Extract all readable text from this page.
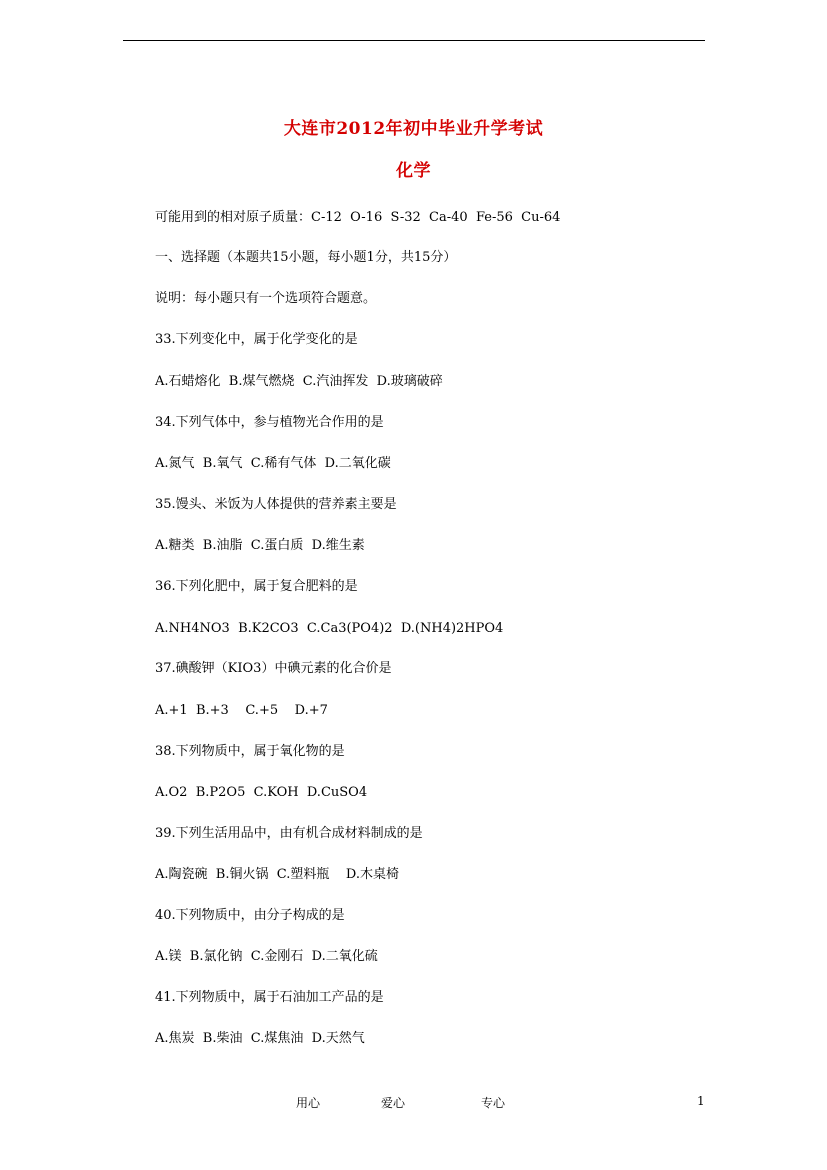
大连市2012年初中毕业升学考试
化学
可能用到的相对原子质量：C-12  O-16  S-32  Ca-40  Fe-56  Cu-64
一、选择题（本题共15小题，每小题1分，共15分）
说明：每小题只有一个选项符合题意。
33.下列变化中，属于化学变化的是
A.石蜡熔化  B.煤气燃烧  C.汽油挥发  D.玻璃破碎
34.下列气体中，参与植物光合作用的是
A.氮气  B.氧气  C.稀有气体  D.二氧化碳
35.馒头、米饭为人体提供的营养素主要是
A.糖类  B.油脂  C.蛋白质  D.维生素
36.下列化肥中，属于复合肥料的是
A.NH4NO3  B.K2CO3  C.Ca3(PO4)2  D.(NH4)2HPO4
37.碘酸钾（KIO3）中碘元素的化合价是
A.+1  B.+3    C.+5    D.+7
38.下列物质中，属于氧化物的是
A.O2  B.P2O5  C.KOH  D.CuSO4
39.下列生活用品中，由有机合成材料制成的是
A.陶瓷碗  B.铜火锅  C.塑料瓶    D.木桌椅
40.下列物质中，由分子构成的是
A.镁  B.氯化钠  C.金刚石  D.二氧化硫
41.下列物质中，属于石油加工产品的是
A.焦炭  B.柴油  C.煤焦油  D.天然气
用心	爱心	专心	1
